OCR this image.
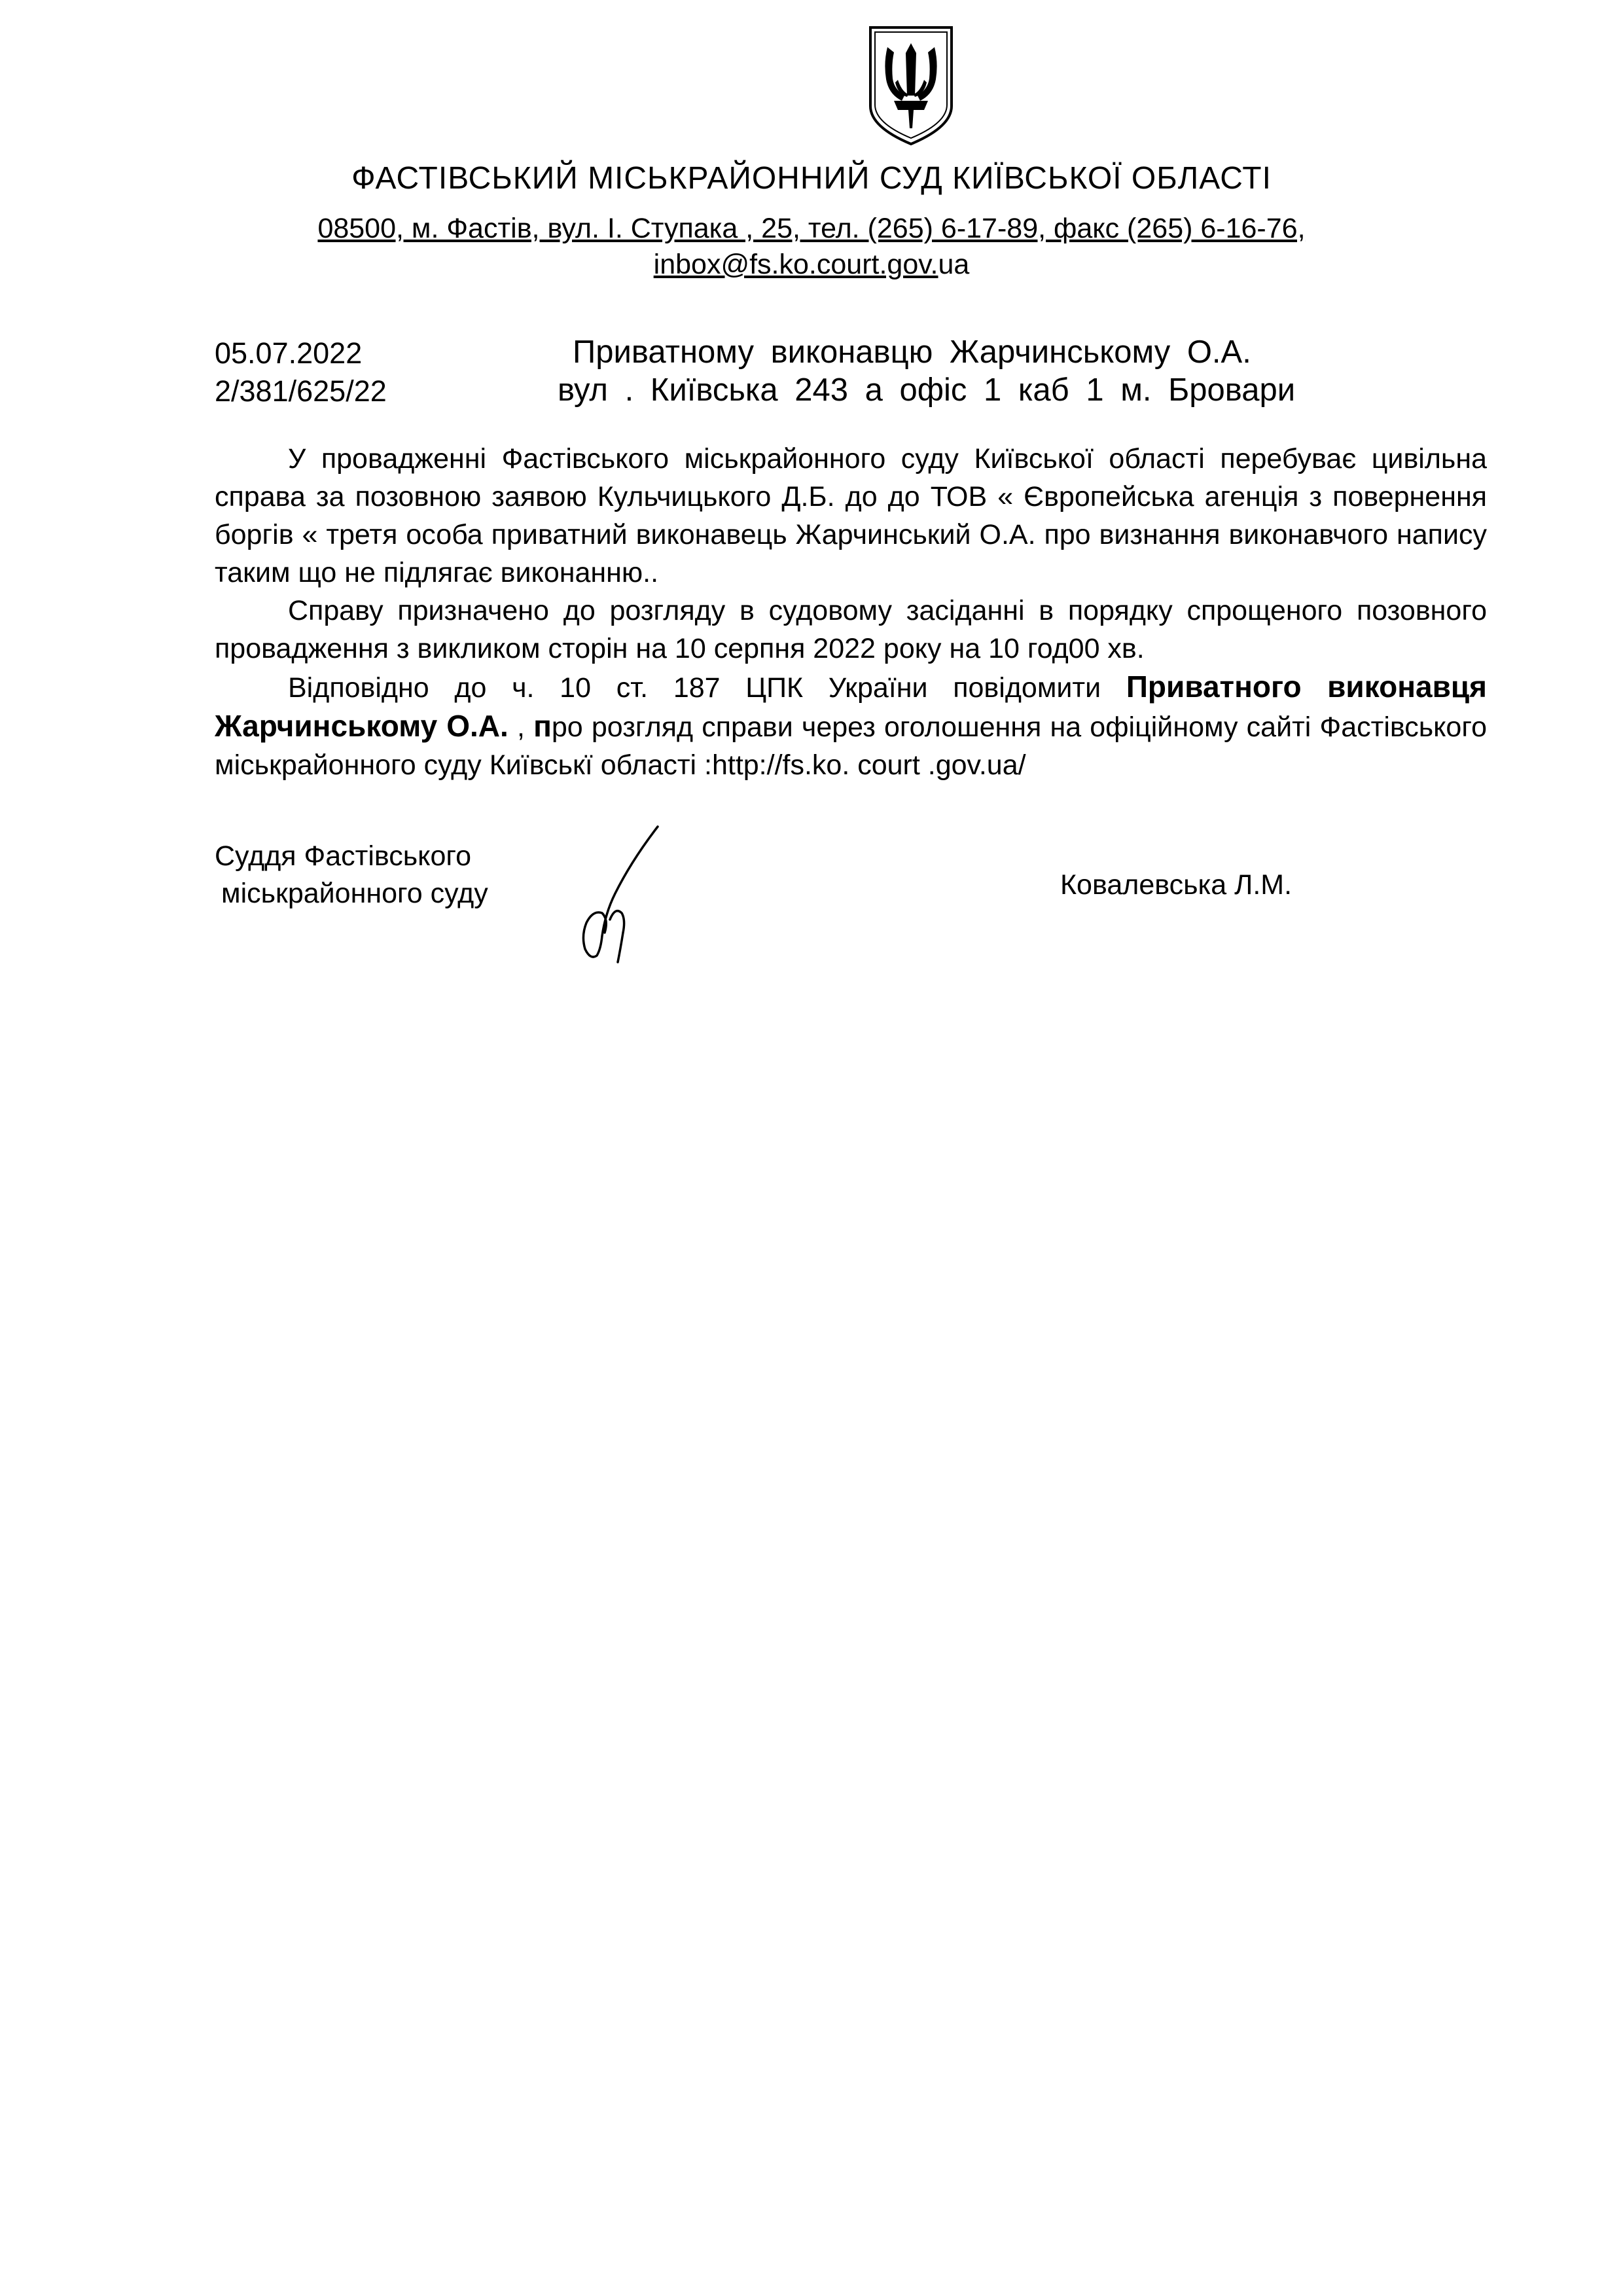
ФАСТІВСЬКИЙ МІСЬКРАЙОННИЙ СУД КИЇВСЬКОЇ ОБЛАСТІ
08500, м. Фастів, вул. І. Ступака , 25, тел. (265) 6-17-89, факс (265) 6-16-76,
inbox@fs.ko.court.gov.ua
05.07.2022
2/381/625/22
Приватному виконавцю Жарчинському О.А.
вул . Київська 243 а офіс 1 каб 1 м. Бровари

У провадженні Фастівського міськрайонного суду Київської області перебуває цивільна справа за позовною заявою Кульчицького Д.Б. до до ТОВ « Європейська агенція з повернення боргів « третя особа приватний виконавець Жарчинський О.А. про визнання виконавчого напису таким що не підлягає виконанню..

Справу призначено до розгляду в судовому засіданні в порядку спрощеного позовного провадження з викликом сторін на 10 серпня 2022 року на 10 год00 хв.

Відповідно до ч. 10 ст. 187 ЦПК України повідомити Приватного виконавця Жарчинському О.А. , про розгляд справи через оголошення на офіційному сайті Фастівського міськрайонного суду Київськї області :http://fs.ko. court .gov.ua/

Суддя Фастівського
міськрайонного суду	Ковалевська Л.М.
